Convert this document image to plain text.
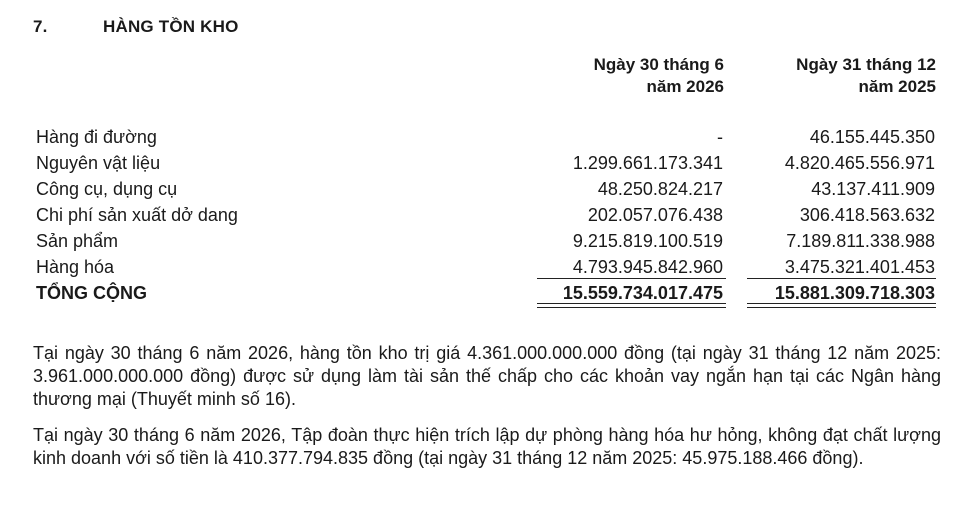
7.	HÀNG TỒN KHO
Ngày 30 tháng 6
năm 2026
Ngày 31 tháng 12
năm 2025
Hàng đi đường	-	46.155.445.350
Nguyên vật liệu	1.299.661.173.341	4.820.465.556.971
Công cụ, dụng cụ	48.250.824.217	43.137.411.909
Chi phí sản xuất dở dang	202.057.076.438	306.418.563.632
Sản phẩm	9.215.819.100.519	7.189.811.338.988
Hàng hóa	4.793.945.842.960	3.475.321.401.453
TỔNG CỘNG	15.559.734.017.475	15.881.309.718.303
Tại ngày 30 tháng 6 năm 2026, hàng tồn kho trị giá 4.361.000.000.000 đồng (tại ngày 31 tháng 12 năm 2025: 3.961.000.000.000 đồng) được sử dụng làm tài sản thế chấp cho các khoản vay ngắn hạn tại các Ngân hàng thương mại (Thuyết minh số 16).
Tại ngày 30 tháng 6 năm 2026, Tập đoàn thực hiện trích lập dự phòng hàng hóa hư hỏng, không đạt chất lượng kinh doanh với số tiền là 410.377.794.835 đồng (tại ngày 31 tháng 12 năm 2025: 45.975.188.466 đồng).
